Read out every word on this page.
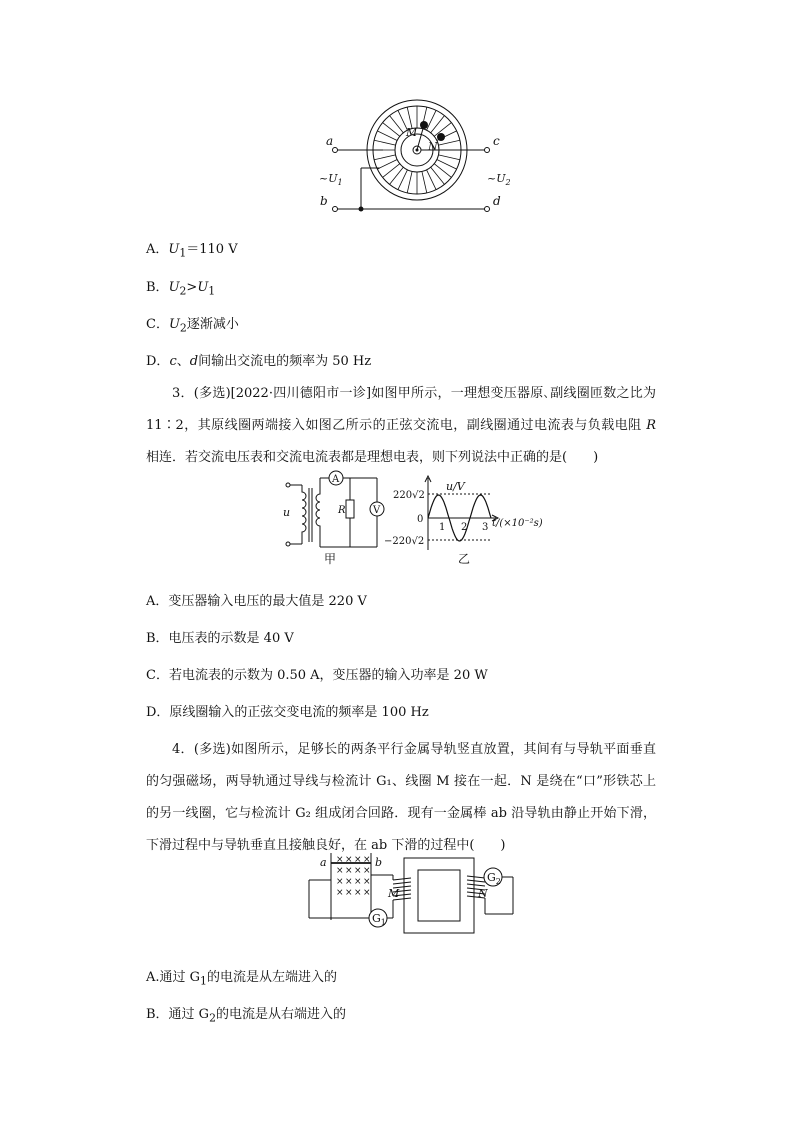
a
b
c
d
M
N
$\sim U_1$	$\sim U_2$
A．$U_1=110$ V
B．$U_2>U_1$
C．$U_2$逐渐减小
D．c、d间输出交流电的频率为 50 Hz
3．(多选)[2022·四川德阳市一诊]如图甲所示，一理想变压器原､副线圈匝数之比为 11∶2，其原线圈两端接入如图乙所示的正弦交流电，副线圈通过电流表与负载电阻 R 相连．若交流电压表和交流电流表都是理想电表，则下列说法中正确的是(　　)
u
A
R	V
u/V
220√2
0
−220√2
1 2 3 t/(×10⁻²s)
甲	乙
A．变压器输入电压的最大值是 220 V
B．电压表的示数是 40 V
C．若电流表的示数为 0.50 A，变压器的输入功率是 20 W
D．原线圈输入的正弦交变电流的频率是 100 Hz
4．(多选)如图所示，足够长的两条平行金属导轨竖直放置，其间有与导轨平面垂直的匀强磁场，两导轨通过导线与检流计 G₁、线圈 M 接在一起．N 是绕在“口”形铁芯上的另一线圈，它与检流计 G₂ 组成闭合回路．现有一金属棒 ab 沿导轨由静止开始下滑，下滑过程中与导轨垂直且接触良好，在 ab 下滑的过程中(　　)
× × × ×
× × × ×
× × × ×
× × × ×
a	b
$G_1$
M	N
$G_2$
A.通过 $G_1$的电流是从左端进入的
B．通过 $G_2$的电流是从右端进入的
